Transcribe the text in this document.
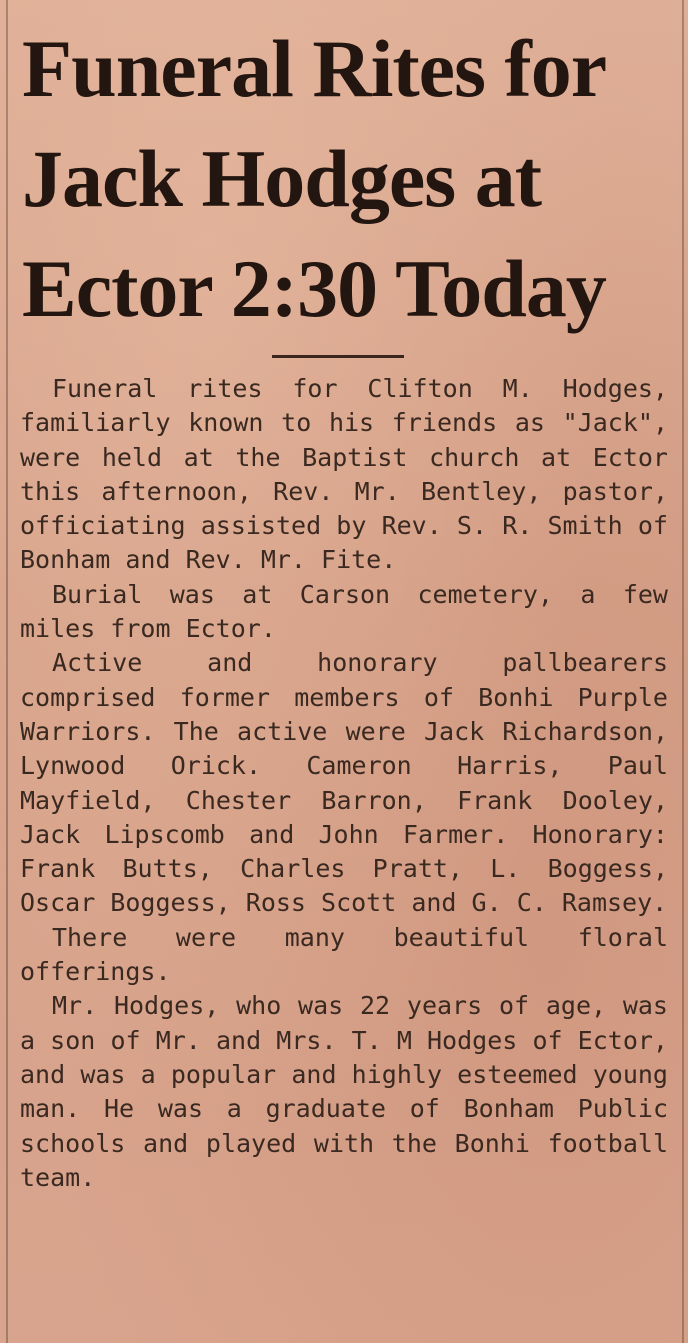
Funeral Rites for
Jack Hodges at
Ector 2:30 Today

Funeral rites for Clifton M. Hodges, familiarly known to his friends as "Jack", were held at the Baptist church at Ector this afternoon, Rev. Mr. Bentley, pastor, officiating assisted by Rev. S. R. Smith of Bonham and Rev. Mr. Fite.

Burial was at Carson cemetery, a few miles from Ector.

Active and honorary pallbearers comprised former members of Bonhi Purple Warriors. The active were Jack Richardson, Lynwood Orick. Cameron Harris, Paul Mayfield, Chester Barron, Frank Dooley, Jack Lipscomb and John Farmer. Honorary: Frank Butts, Charles Pratt, L. Boggess, Oscar Boggess, Ross Scott and G. C. Ramsey.

There were many beautiful floral offerings.

Mr. Hodges, who was 22 years of age, was a son of Mr. and Mrs. T. M Hodges of Ector, and was a popular and highly esteemed young man. He was a graduate of Bonham Public schools and played with the Bonhi football team.
